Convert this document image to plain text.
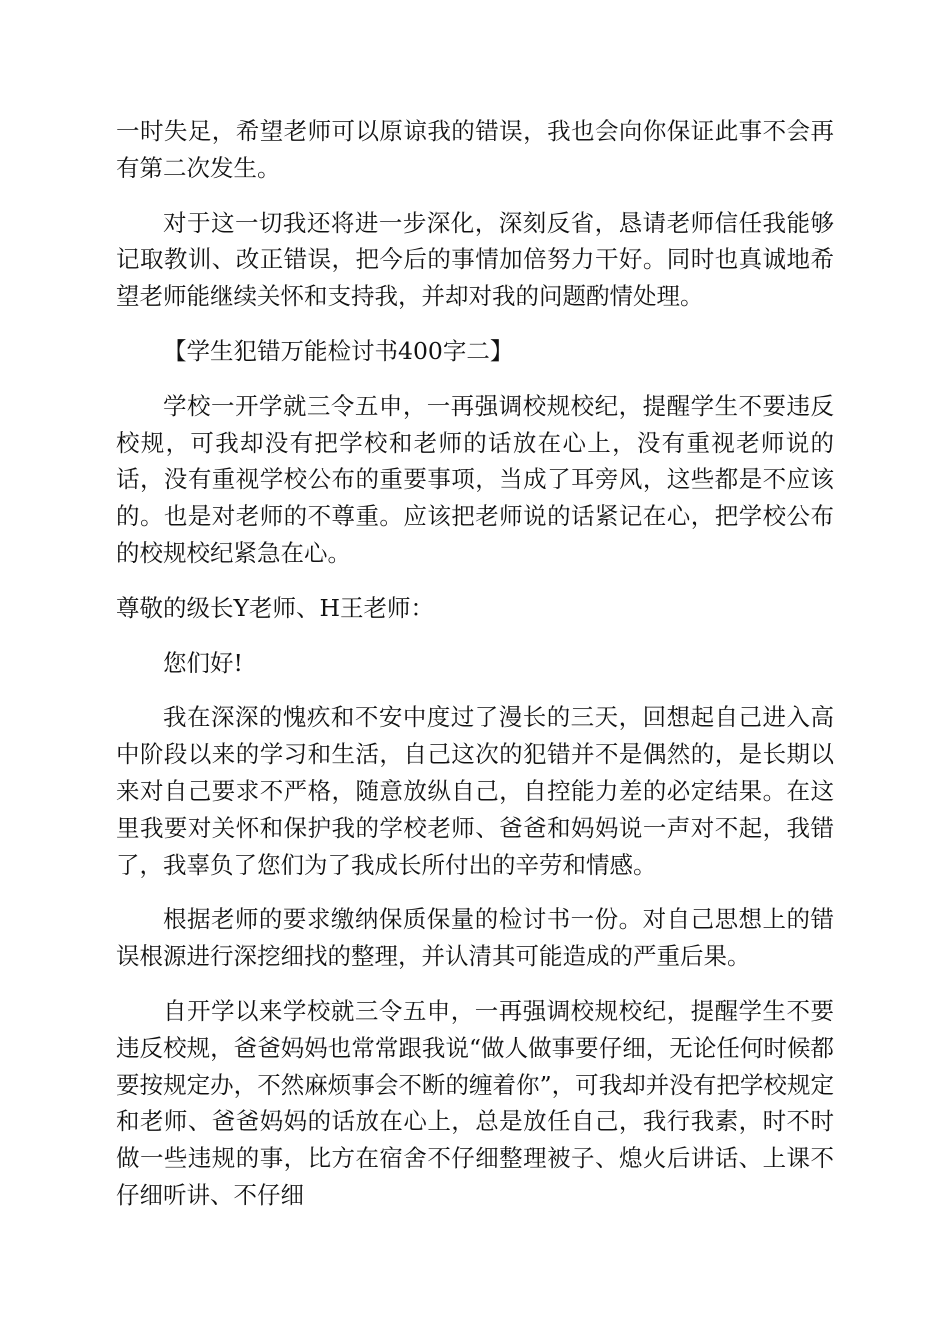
一时失足，希望老师可以原谅我的错误，我也会向你保证此事不会再有第二次发生。

对于这一切我还将进一步深化，深刻反省，恳请老师信任我能够记取教训、改正错误，把今后的事情加倍努力干好。同时也真诚地希望老师能继续关怀和支持我，并却对我的问题酌情处理。

【学生犯错万能检讨书400字二】

学校一开学就三令五申，一再强调校规校纪，提醒学生不要违反校规，可我却没有把学校和老师的话放在心上，没有重视老师说的话，没有重视学校公布的重要事项，当成了耳旁风，这些都是不应该的。也是对老师的不尊重。应该把老师说的话紧记在心，把学校公布的校规校纪紧急在心。

尊敬的级长Y老师、H王老师：

您们好!

我在深深的愧疚和不安中度过了漫长的三天，回想起自己进入高中阶段以来的学习和生活，自己这次的犯错并不是偶然的，是长期以来对自己要求不严格，随意放纵自己，自控能力差的必定结果。在这里我要对关怀和保护我的学校老师、爸爸和妈妈说一声对不起，我错了，我辜负了您们为了我成长所付出的辛劳和情感。

根据老师的要求缴纳保质保量的检讨书一份。对自己思想上的错误根源进行深挖细找的整理，并认清其可能造成的严重后果。

自开学以来学校就三令五申，一再强调校规校纪，提醒学生不要违反校规，爸爸妈妈也常常跟我说“做人做事要仔细，无论任何时候都要按规定办，不然麻烦事会不断的缠着你”，可我却并没有把学校规定和老师、爸爸妈妈的话放在心上，总是放任自己，我行我素，时不时做一些违规的事，比方在宿舍不仔细整理被子、熄火后讲话、上课不仔细听讲、不仔细
